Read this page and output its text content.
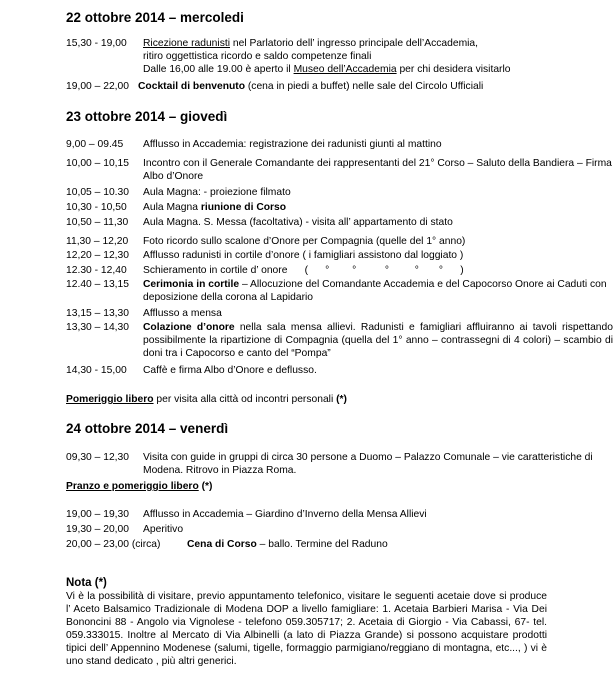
22 ottobre 2014 – mercoledi
15,30 - 19,00 Ricezione radunisti nel Parlatorio dell’ ingresso principale dell’Accademia,
ritiro oggettistica ricordo e saldo competenze finali
Dalle 16,00 alle 19.00 è aperto il Museo dell’Accademia per chi desidera visitarlo
19,00 – 22,00 Cocktail di benvenuto (cena in piedi a buffet) nelle sale del Circolo Ufficiali
23 ottobre 2014 – giovedì
9,00 – 09.45 Afflusso in Accademia: registrazione dei radunisti giunti al mattino
10,00 – 10,15 Incontro con il Generale Comandante dei rappresentanti del 21° Corso – Saluto della Bandiera – Firma Albo d’Onore
10,05 – 10.30 Aula Magna: - proiezione filmato
10,30 - 10,50 Aula Magna riunione di Corso
10,50 – 11,30 Aula Magna. S. Messa (facoltativa) - visita all’ appartamento di stato
11,30 – 12,20 Foto ricordo sullo scalone d’Onore per Compagnia (quelle del 1° anno)
12,20 – 12,30 Afflusso radunisti in cortile d’onore ( i famigliari assistono dal loggiato )
12.30 - 12,40 Schieramento in cortile d’ onore      (      °        °          °         °       °      )
12.40 – 13,15 Cerimonia in cortile – Allocuzione del Comandante Accademia e del Capocorso Onore ai Caduti con deposizione della corona al Lapidario
13,15 – 13,30 Afflusso a mensa
13,30 – 14,30 Colazione d’onore nella sala mensa allievi. Radunisti e famigliari affluiranno ai tavoli rispettando possibilmente la ripartizione di Compagnia (quella del 1° anno – contrassegni di 4 colori) – scambio di doni tra i Capocorso e canto del “Pompa”
14,30 - 15,00 Caffè e firma Albo d’Onore e deflusso.
Pomeriggio libero per visita alla città od incontri personali (*)
24 ottobre 2014 – venerdì
09,30 – 12,30 Visita con guide in gruppi di circa 30 persone a Duomo – Palazzo Comunale – vie caratteristiche di Modena. Ritrovo in Piazza Roma.
Pranzo e pomeriggio libero (*)
19,00 – 19,30 Afflusso in Accademia – Giardino d’Inverno della Mensa Allievi
19,30 – 20,00 Aperitivo
20,00 – 23,00 (circa)	Cena di Corso – ballo. Termine del Raduno
Nota (*)
Vi è la possibilità di visitare, previo appuntamento telefonico, visitare le seguenti acetaie dove si produce l’ Aceto Balsamico Tradizionale di Modena DOP a livello famigliare: 1. Acetaia Barbieri Marisa - Via Dei Bononcini 88 - Angolo via Vignolese - telefono 059.305717; 2. Acetaia di Giorgio - Via Cabassi, 67- tel. 059.333015. Inoltre al Mercato di Via Albinelli (a lato di Piazza Grande) si possono acquistare prodotti tipici dell’ Appennino Modenese (salumi, tigelle, formaggio parmigiano/reggiano di montagna, etc..., ) vi è uno stand dedicato , più altri generici.
